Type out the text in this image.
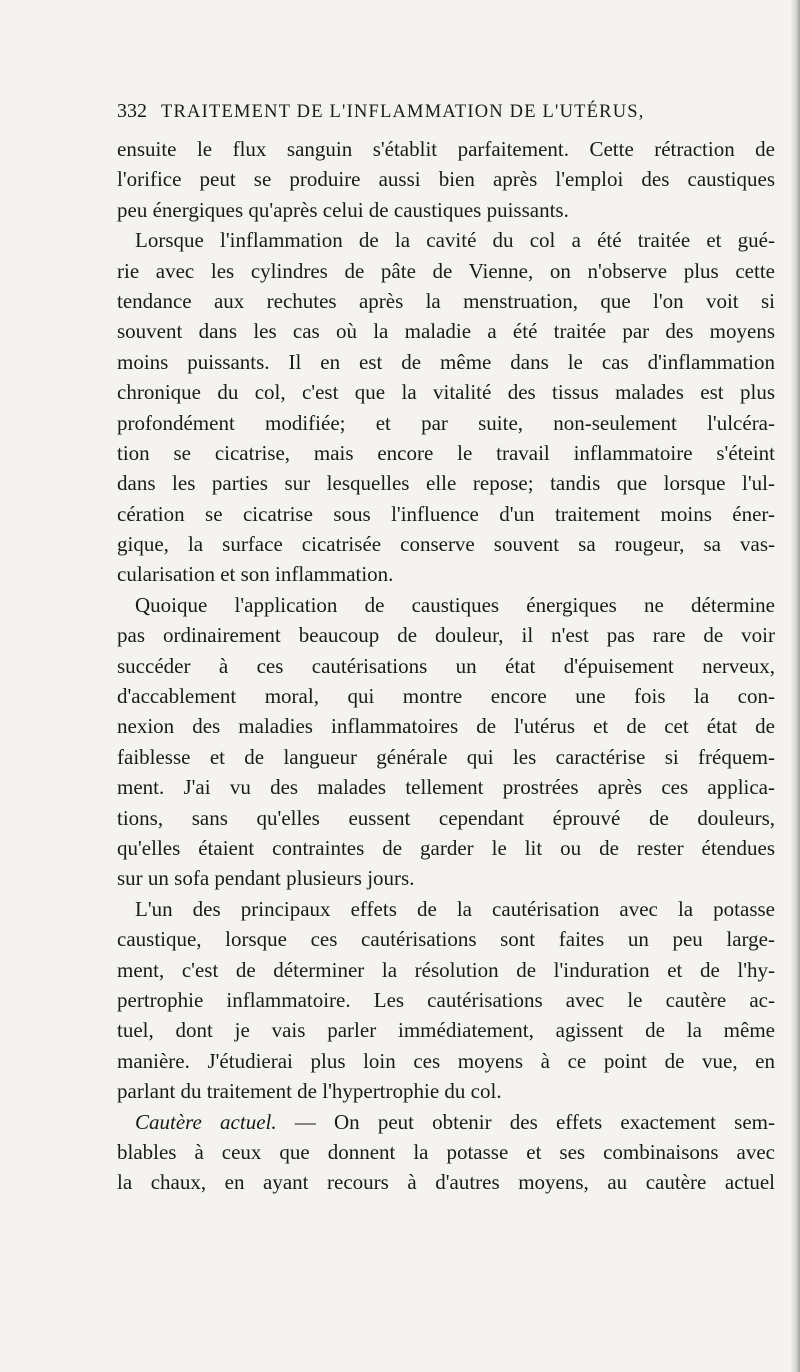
332 TRAITEMENT DE L'INFLAMMATION DE L'UTÉRUS,
ensuite le flux sanguin s'établit parfaitement. Cette rétraction de
l'orifice peut se produire aussi bien après l'emploi des caustiques
peu énergiques qu'après celui de caustiques puissants.
Lorsque l'inflammation de la cavité du col a été traitée et gué-
rie avec les cylindres de pâte de Vienne, on n'observe plus cette
tendance aux rechutes après la menstruation, que l'on voit si
souvent dans les cas où la maladie a été traitée par des moyens
moins puissants. Il en est de même dans le cas d'inflammation
chronique du col, c'est que la vitalité des tissus malades est plus
profondément modifiée; et par suite, non-seulement l'ulcéra-
tion se cicatrise, mais encore le travail inflammatoire s'éteint
dans les parties sur lesquelles elle repose; tandis que lorsque l'ul-
cération se cicatrise sous l'influence d'un traitement moins éner-
gique, la surface cicatrisée conserve souvent sa rougeur, sa vas-
cularisation et son inflammation.
Quoique l'application de caustiques énergiques ne détermine
pas ordinairement beaucoup de douleur, il n'est pas rare de voir
succéder à ces cautérisations un état d'épuisement nerveux,
d'accablement moral, qui montre encore une fois la con-
nexion des maladies inflammatoires de l'utérus et de cet état de
faiblesse et de langueur générale qui les caractérise si fréquem-
ment. J'ai vu des malades tellement prostrées après ces applica-
tions, sans qu'elles eussent cependant éprouvé de douleurs,
qu'elles étaient contraintes de garder le lit ou de rester étendues
sur un sofa pendant plusieurs jours.
L'un des principaux effets de la cautérisation avec la potasse
caustique, lorsque ces cautérisations sont faites un peu large-
ment, c'est de déterminer la résolution de l'induration et de l'hy-
pertrophie inflammatoire. Les cautérisations avec le cautère ac-
tuel, dont je vais parler immédiatement, agissent de la même
manière. J'étudierai plus loin ces moyens à ce point de vue, en
parlant du traitement de l'hypertrophie du col.
Cautère actuel. — On peut obtenir des effets exactement sem-
blables à ceux que donnent la potasse et ses combinaisons avec
la chaux, en ayant recours à d'autres moyens, au cautère actuel
